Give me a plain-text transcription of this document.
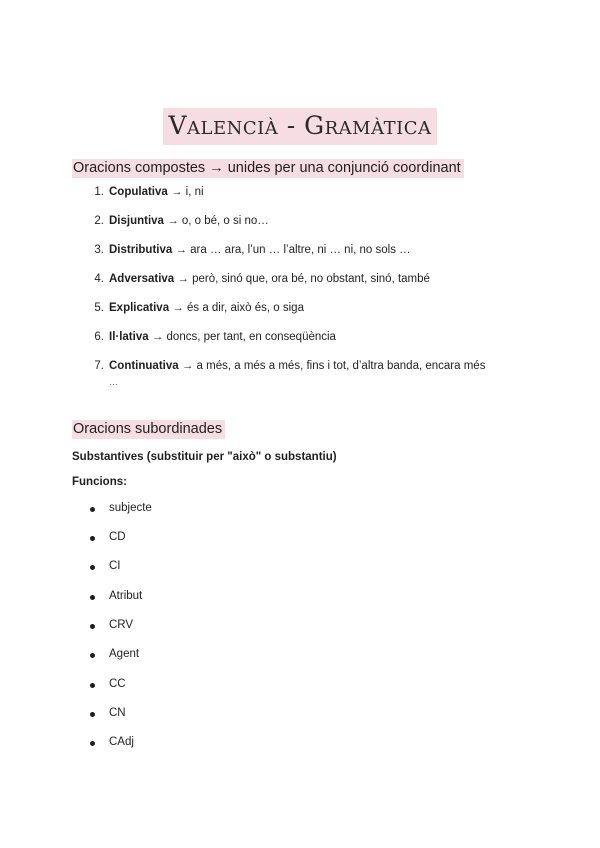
Valencià - Gramàtica
Oracions compostes → unides per una conjunció coordinant
1. Copulativa → i, ni
2. Disjuntiva → o, o bé, o si no…
3. Distributiva → ara … ara, l’un … l’altre, ni … ni, no sols …
4. Adversativa → però, sinó que, ora bé, no obstant, sinó, també
5. Explicativa → és a dir, això és, o siga
6. Il·lativa → doncs, per tant, en conseqüència
7. Continuativa → a més, a més a més, fins i tot, d’altra banda, encara més
…
Oracions subordinades
Substantives (substituir per "això" o substantiu)
Funcions:
subjecte
CD
CI
Atribut
CRV
Agent
CC
CN
CAdj
